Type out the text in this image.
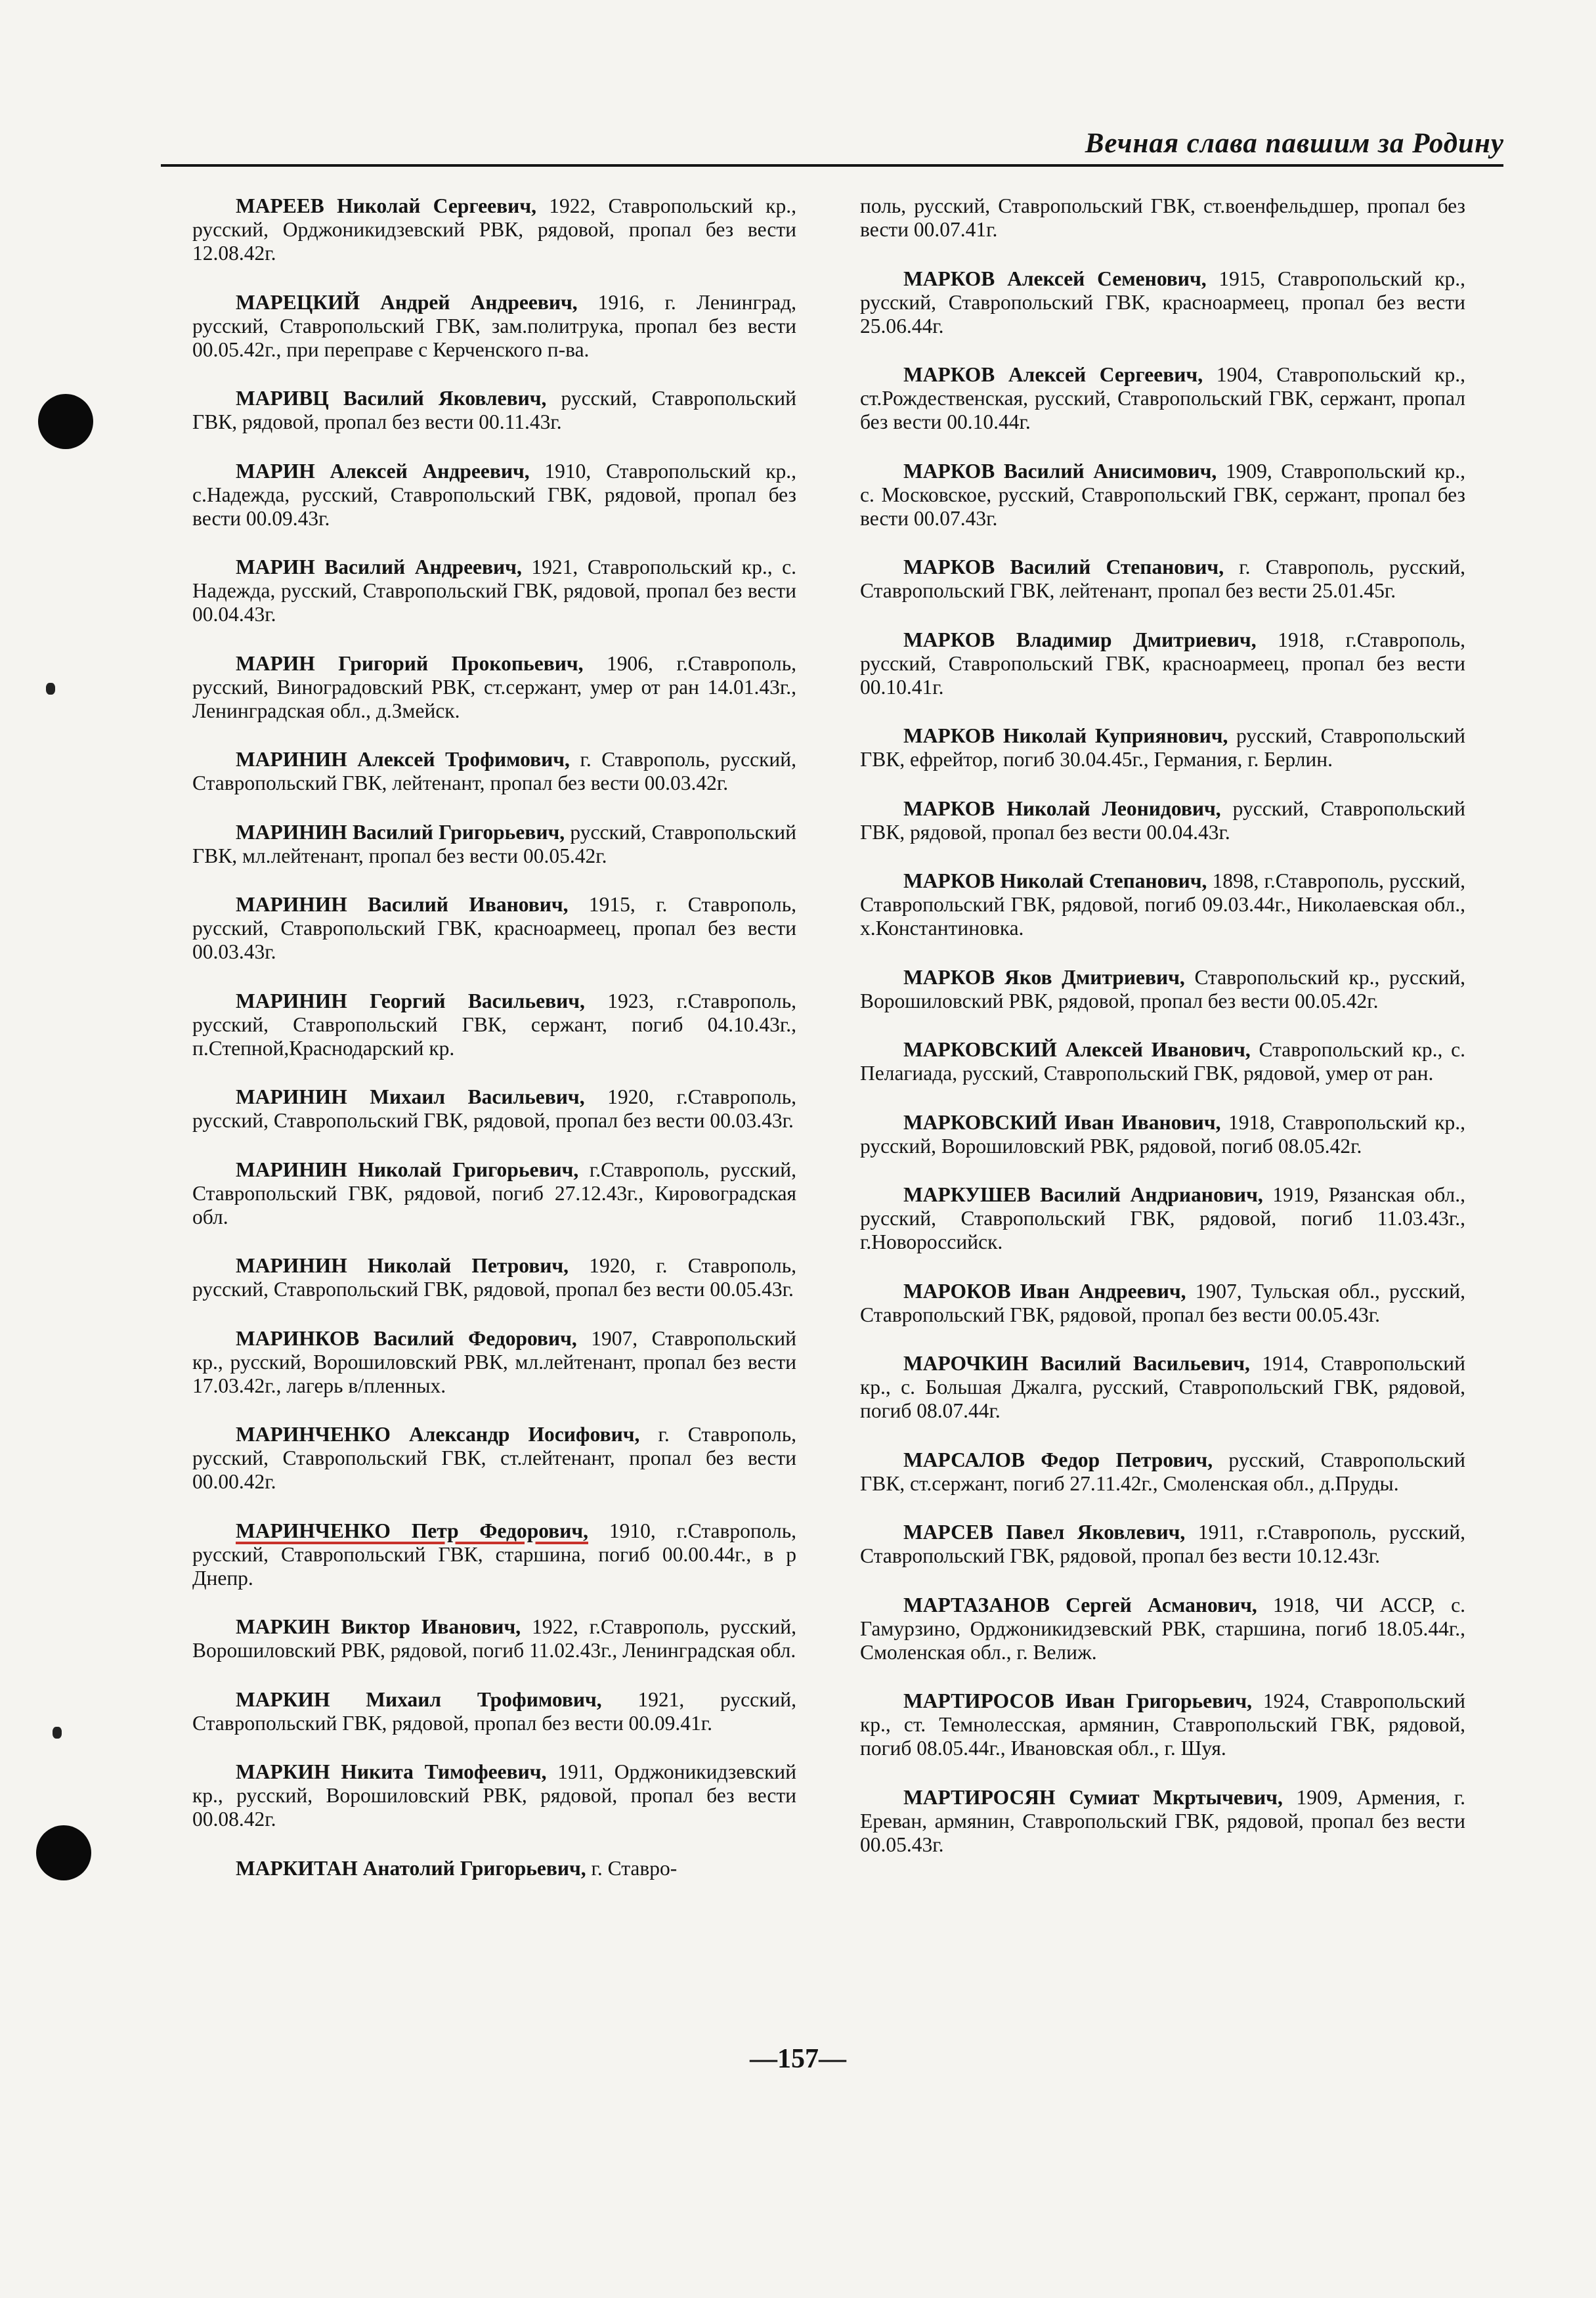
Вечная слава павшим за Родину

МАРЕЕВ Николай Сергеевич, 1922, Ставропольский кр., русский, Орджоникидзевский РВК, рядовой, пропал без вести 12.08.42г.

МАРЕЦКИЙ Андрей Андреевич, 1916, г. Ленинград, русский, Ставропольский ГВК, зам.политрука, пропал без вести 00.05.42г., при переправе с Керченского п-ва.

МАРИВЦ Василий Яковлевич, русский, Ставропольский ГВК, рядовой, пропал без вести 00.11.43г.

МАРИН Алексей Андреевич, 1910, Ставропольский кр., с.Надежда, русский, Ставропольский ГВК, рядовой, пропал без вести 00.09.43г.

МАРИН Василий Андреевич, 1921, Ставропольский кр., с. Надежда, русский, Ставропольский ГВК, рядовой, пропал без вести 00.04.43г.

МАРИН Григорий Прокопьевич, 1906, г.Ставрополь, русский, Виноградовский РВК, ст.сержант, умер от ран 14.01.43г., Ленинградская обл., д.Змейск.

МАРИНИН Алексей Трофимович, г. Ставрополь, русский, Ставропольский ГВК, лейтенант, пропал без вести 00.03.42г.

МАРИНИН Василий Григорьевич, русский, Ставропольский ГВК, мл.лейтенант, пропал без вести 00.05.42г.

МАРИНИН Василий Иванович, 1915, г. Ставрополь, русский, Ставропольский ГВК, красноармеец, пропал без вести 00.03.43г.

МАРИНИН Георгий Васильевич, 1923, г.Ставрополь, русский, Ставропольский ГВК, сержант, погиб 04.10.43г., п.Степной,Краснодарский кр.

МАРИНИН Михаил Васильевич, 1920, г.Ставрополь, русский, Ставропольский ГВК, рядовой, пропал без вести 00.03.43г.

МАРИНИН Николай Григорьевич, г.Ставрополь, русский, Ставропольский ГВК, рядовой, погиб 27.12.43г., Кировоградская обл.

МАРИНИН Николай Петрович, 1920, г. Ставрополь, русский, Ставропольский ГВК, рядовой, пропал без вести 00.05.43г.

МАРИНКОВ Василий Федорович, 1907, Ставропольский кр., русский, Ворошиловский РВК, мл.лейтенант, пропал без вести 17.03.42г., лагерь в/пленных.

МАРИНЧЕНКО Александр Иосифович, г. Ставрополь, русский, Ставропольский ГВК, ст.лейтенант, пропал без вести 00.00.42г.

МАРИНЧЕНКО Петр Федорович, 1910, г.Ставрополь, русский, Ставропольский ГВК, старшина, погиб 00.00.44г., в р Днепр.

МАРКИН Виктор Иванович, 1922, г.Ставрополь, русский, Ворошиловский РВК, рядовой, погиб 11.02.43г., Ленинградская обл.

МАРКИН Михаил Трофимович, 1921, русский, Ставропольский ГВК, рядовой, пропал без вести 00.09.41г.

МАРКИН Никита Тимофеевич, 1911, Орджоникидзевский кр., русский, Ворошиловский РВК, рядовой, пропал без вести 00.08.42г.

МАРКИТАН Анатолий Григорьевич, г. Ставро-

поль, русский, Ставропольский ГВК, ст.военфельдшер, пропал без вести 00.07.41г.

МАРКОВ Алексей Семенович, 1915, Ставропольский кр., русский, Ставропольский ГВК, красноармеец, пропал без вести 25.06.44г.

МАРКОВ Алексей Сергеевич, 1904, Ставропольский кр., ст.Рождественская, русский, Ставропольский ГВК, сержант, пропал без вести 00.10.44г.

МАРКОВ Василий Анисимович, 1909, Ставропольский кр., с. Московское, русский, Ставропольский ГВК, сержант, пропал без вести 00.07.43г.

МАРКОВ Василий Степанович, г. Ставрополь, русский, Ставропольский ГВК, лейтенант, пропал без вести 25.01.45г.

МАРКОВ Владимир Дмитриевич, 1918, г.Ставрополь, русский, Ставропольский ГВК, красноармеец, пропал без вести 00.10.41г.

МАРКОВ Николай Куприянович, русский, Ставропольский ГВК, ефрейтор, погиб 30.04.45г., Германия, г. Берлин.

МАРКОВ Николай Леонидович, русский, Ставропольский ГВК, рядовой, пропал без вести 00.04.43г.

МАРКОВ Николай Степанович, 1898, г.Ставрополь, русский, Ставропольский ГВК, рядовой, погиб 09.03.44г., Николаевская обл., х.Константиновка.

МАРКОВ Яков Дмитриевич, Ставропольский кр., русский, Ворошиловский РВК, рядовой, пропал без вести 00.05.42г.

МАРКОВСКИЙ Алексей Иванович, Ставропольский кр., с. Пелагиада, русский, Ставропольский ГВК, рядовой, умер от ран.

МАРКОВСКИЙ Иван Иванович, 1918, Ставропольский кр., русский, Ворошиловский РВК, рядовой, погиб 08.05.42г.

МАРКУШЕВ Василий Андрианович, 1919, Рязанская обл., русский, Ставропольский ГВК, рядовой, погиб 11.03.43г., г.Новороссийск.

МАРОКОВ Иван Андреевич, 1907, Тульская обл., русский, Ставропольский ГВК, рядовой, пропал без вести 00.05.43г.

МАРОЧКИН Василий Васильевич, 1914, Ставропольский кр., с. Большая Джалга, русский, Ставропольский ГВК, рядовой, погиб 08.07.44г.

МАРСАЛОВ Федор Петрович, русский, Ставропольский ГВК, ст.сержант, погиб 27.11.42г., Смоленская обл., д.Пруды.

МАРСЕВ Павел Яковлевич, 1911, г.Ставрополь, русский, Ставропольский ГВК, рядовой, пропал без вести 10.12.43г.

МАРТАЗАНОВ Сергей Асманович, 1918, ЧИ АССР, с. Гамурзино, Орджоникидзевский РВК, старшина, погиб 18.05.44г., Смоленская обл., г. Велиж.

МАРТИРОСОВ Иван Григорьевич, 1924, Ставропольский кр., ст. Темнолесская, армянин, Ставропольский ГВК, рядовой, погиб 08.05.44г., Ивановская обл., г. Шуя.

МАРТИРОСЯН Сумиат Мкртычевич, 1909, Армения, г. Ереван, армянин, Ставропольский ГВК, рядовой, пропал без вести 00.05.43г.

—157—
